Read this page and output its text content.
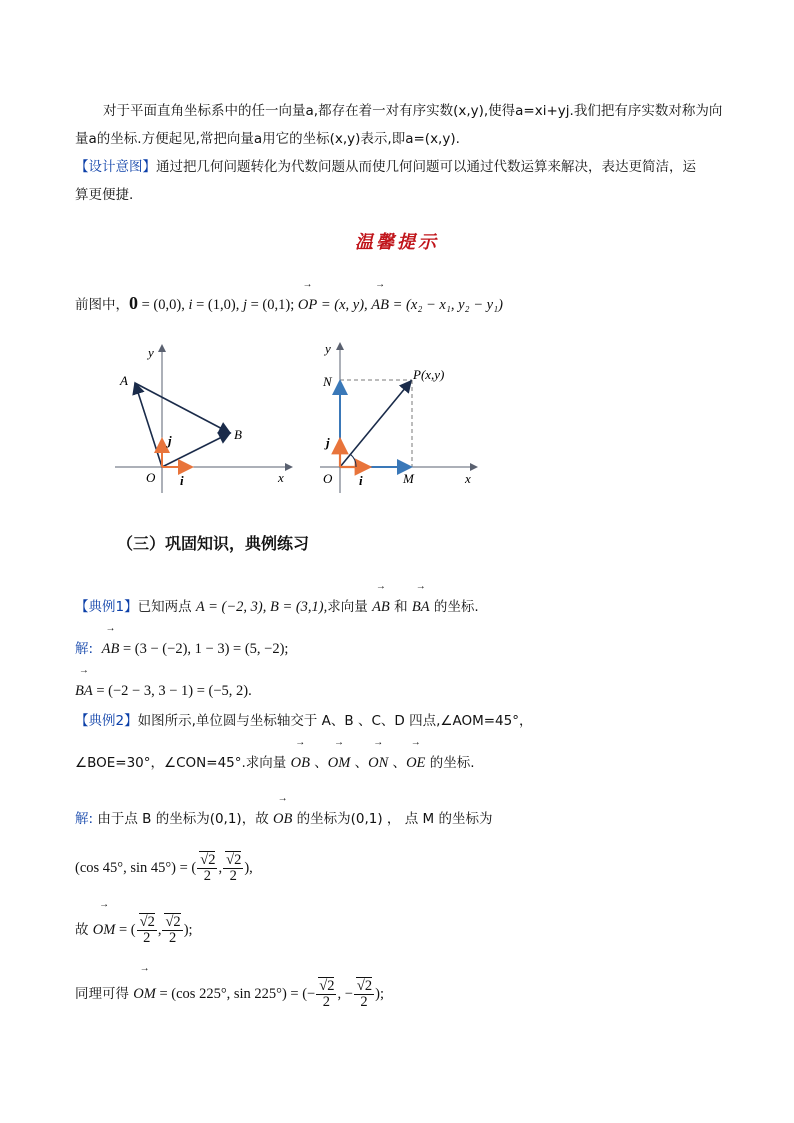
对于平面直角坐标系中的任一向量a,都存在着一对有序实数(x,y),使得a=xi+yj.我们把有序实数对称为向
量a的坐标.方便起见,常把向量a用它的坐标(x,y)表示,即a=(x,y).
【设计意图】通过把几何问题转化为代数问题从而使几何问题可以通过代数运算来解决，表达更简洁，运
算更便捷.
温馨提示
前图中，0 = (0,0), i = (1,0), j = (0,1); → OP = (x, y), → AB = (x₂ − x₁, y₂ − y₁)
y
x
O
A
B
i
j
y
x
O
N
M
P(x,y)
i
j
（三）巩固知识，典例练习
【典例1】已知两点 A = (−2, 3), B = (3,1),求向量 → AB 和 → BA 的坐标.
解:  → AB = (3 − (−2), 1 − 3) = (5, −2);
→ BA = (−2 − 3, 3 − 1) = (−5, 2).
【典例2】如图所示,单位圆与坐标轴交于 A、B 、C、D 四点,∠AOM=45°，
∠BOE=30°，∠CON=45°.求向量 → OB 、→ OM 、→ ON 、→ OE 的坐标.
解: 由于点 B 的坐标为(0,1)，故 → OB 的坐标为(0,1) ， 点 M 的坐标为
(cos 45°, sin 45°) = ( $\frac{√2}{2}$ , $\frac{√2}{2}$ ),
故 → OM = ( $\frac{√2}{2}$ , $\frac{√2}{2}$ );
同理可得 → OM = (cos 225°, sin 225°) = (− $\frac{√2}{2}$ , − $\frac{√2}{2}$ );
